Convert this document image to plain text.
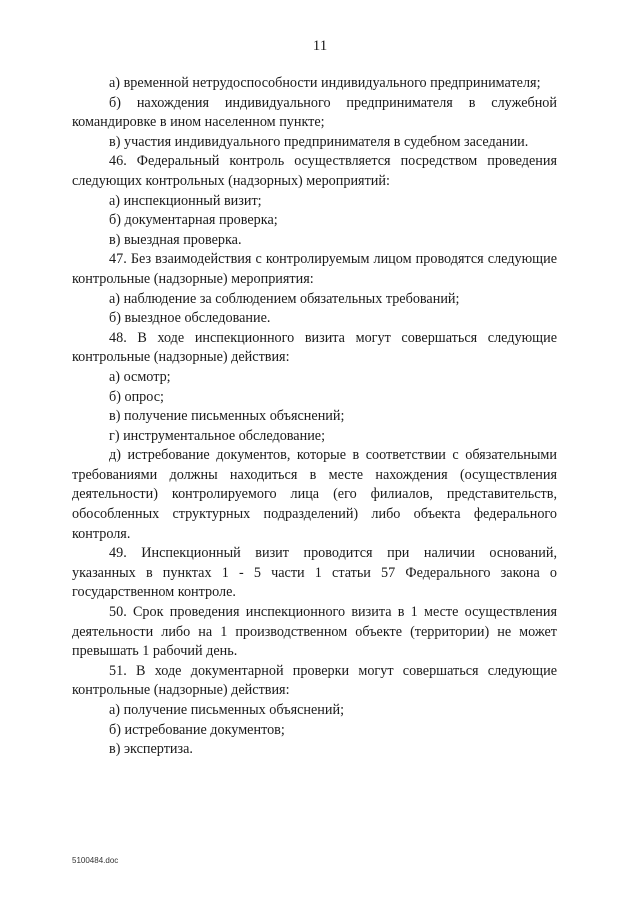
11

а) временной нетрудоспособности индивидуального предпринимателя;

б) нахождения индивидуального предпринимателя в служебной командировке в ином населенном пункте;

в) участия индивидуального предпринимателя в судебном заседании.

46. Федеральный контроль осуществляется посредством проведения следующих контрольных (надзорных) мероприятий:

а) инспекционный визит;

б) документарная проверка;

в) выездная проверка.

47. Без взаимодействия с контролируемым лицом проводятся следующие контрольные (надзорные) мероприятия:

а) наблюдение за соблюдением обязательных требований;

б) выездное обследование.

48. В ходе инспекционного визита могут совершаться следующие контрольные (надзорные) действия:

а) осмотр;

б) опрос;

в) получение письменных объяснений;

г) инструментальное обследование;

д) истребование документов, которые в соответствии с обязательными требованиями должны находиться в месте нахождения (осуществления деятельности) контролируемого лица (его филиалов, представительств, обособленных структурных подразделений) либо объекта федерального контроля.

49. Инспекционный визит проводится при наличии оснований, указанных в пунктах 1 - 5 части 1 статьи 57 Федерального закона о государственном контроле.

50. Срок проведения инспекционного визита в 1 месте осуществления деятельности либо на 1 производственном объекте (территории) не может превышать 1 рабочий день.

51. В ходе документарной проверки могут совершаться следующие контрольные (надзорные) действия:

а) получение письменных объяснений;

б) истребование документов;

в) экспертиза.

5100484.doc
